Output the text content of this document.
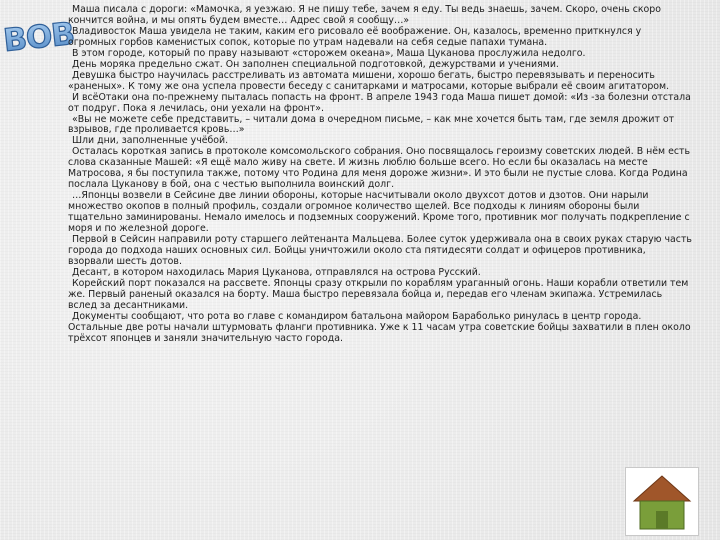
ВОВ

Маша писала с дороги: «Мамочка, я уезжаю. Я не пишу тебе, зачем я еду. Ты ведь знаешь, зачем. Скоро, очень скоро кончится война, и мы опять будем вместе… Адрес свой я сообщу…»

Владивосток Маша увидела не таким, каким его рисовало её воображение. Он, казалось, временно приткнулся у огромных горбов каменистых сопок, которые по утрам надевали на себя седые папахи тумана.

В этом городе, который по праву называют «сторожем океана», Маша Цуканова прослужила недолго.

День моряка предельно сжат. Он заполнен специальной подготовкой, дежурствами и учениями.

Девушка быстро научилась расстреливать из автомата мишени, хорошо бегать, быстро перевязывать и переносить «раненых». К тому же она успела провести беседу с санитарками и матросами, которые выбрали её своим агитатором.

И всёОтаки она по-прежнему пыталась попасть на фронт. В апреле 1943 года Маша пишет домой: «Из -за болезни отстала от подруг. Пока я лечилась, они уехали на фронт».

«Вы не можете себе представить, – читали дома в очередном письме, – как мне хочется быть там, где земля дрожит от взрывов, где проливается кровь…»

Шли дни, заполненные учёбой.

Осталась короткая запись в протоколе комсомольского собрания. Оно посвящалось героизму советских людей. В нём есть слова сказанные Машей: «Я ещё мало живу на свете. И жизнь люблю больше всего. Но если бы оказалась на месте Матросова, я бы поступила также, потому что Родина для меня дороже жизни». И это были не пустые слова. Когда Родина послала Цуканову в бой, она с честью выполнила воинский долг.

…Японцы возвели в Сейсине две линии обороны, которые насчитывали около двухсот дотов и дзотов. Они нарыли множество окопов в полный профиль, создали огромное количество щелей. Все подходы к линиям обороны были тщательно заминированы. Немало имелось и подземных сооружений. Кроме того, противник мог получать подкрепление с моря и по железной дороге.

Первой в Сейсин направили роту старшего лейтенанта Мальцева. Более суток удерживала она в своих руках старую часть города до подхода наших основных сил. Бойцы уничтожили около ста пятидесяти солдат и офицеров противника, взорвали шесть дотов.

Десант, в котором находилась Мария Цуканова, отправлялся на острова Русский.

Корейский порт показался на рассвете. Японцы сразу открыли по кораблям ураганный огонь. Наши корабли ответили тем же. Первый раненый оказался на борту. Маша быстро перевязала бойца и, передав его членам экипажа. Устремилась вслед за десантниками.

Документы сообщают, что рота во главе с командиром батальона майором Бараболько ринулась в центр города. Остальные две роты начали штурмовать фланги противника. Уже к 11 часам утра советские бойцы захватили в плен около трёхсот японцев и заняли значительную часто города.
